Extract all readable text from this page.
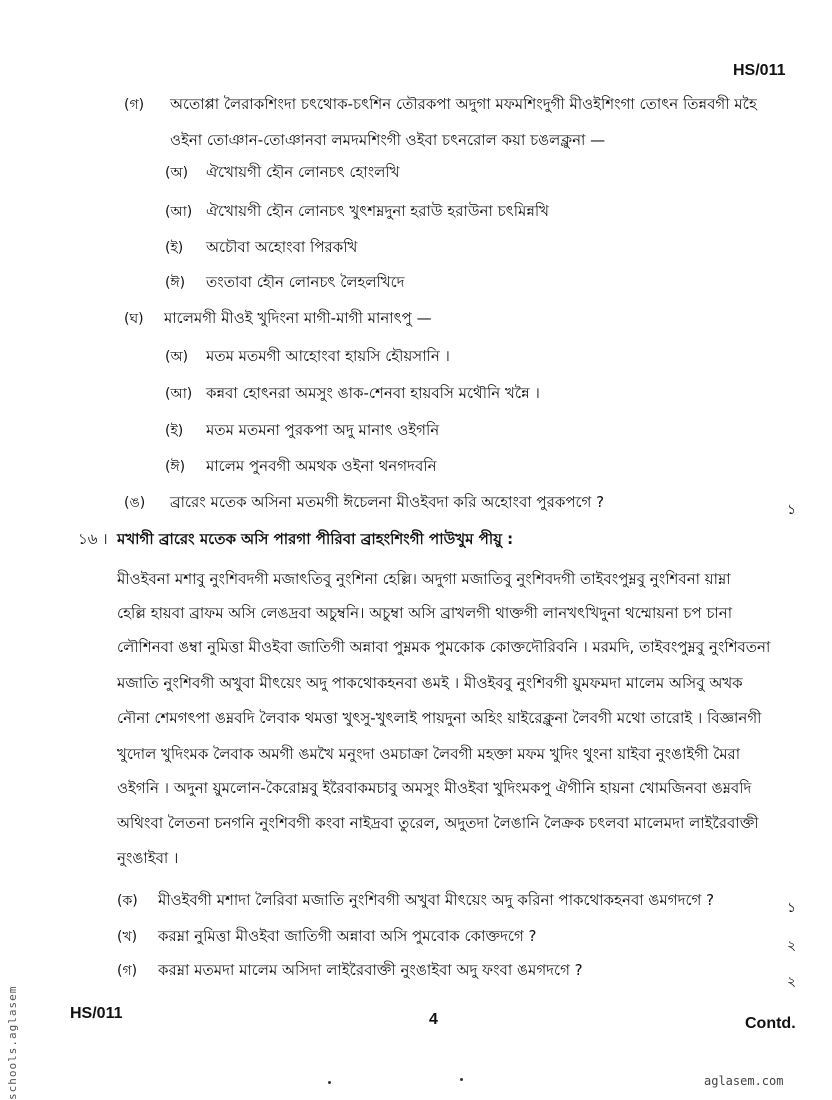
HS/011
(গ) অতোপ্পা লৈরাকশিংদা চৎথোক-চৎশিন তৌরকপা অদুগা মফমশিংদুগী মীওইশিংগা তোৎন তিন্নবগী মহৈ
ওইনা তোঞান-তোঞানবা লমদমশিংগী ওইবা চৎনরোল কয়া চঙলক্লুনা —
(অ) ঐখোয়গী হৌন লোনচৎ হোংলখি
(আ) ঐখোয়গী হৌন লোনচৎ খুৎশম্নদুনা হরাউ হরাউনা চৎমিন্নখি
(ই) অচৌবা অহোংবা পিরকখি
(ঈ) তংতাবা হৌন লোনচৎ লৈহলখিদে
(ঘ) মালেমগী মীওই খুদিংনা মাগী-মাগী মানাৎপু —
(অ) মতম মতমগী আহোংবা হায়সি হৌয়সানি ।
(আ) কন্নবা হোৎনরা অমসুং ঙাক-শেনবা হায়বসি মথৌনি খন্নৈ ।
(ই) মতম মতমনা পুরকপা অদু মানাৎ ওইগনি
(ঈ) মালেম পুনবগী অমথক ওইনা থনগদবনি
(ঙ) ব্রারেং মতেক অসিনা মতমগী ঈচেলনা মীওইবদা করি অহোংবা পুরকপগে ?	১
১৬ । মখাগী ব্রারেং মতেক অসি পারগা পীরিবা ব্রাহংশিংগী পাউখুম পীয়ু :
মীওইবনা মশাবু নুংশিবদগী মজাৎতিবু নুংশিনা হেল্লি। অদুগা মজাতিবু নুংশিবদগী তাইবংপুম্নবু নুংশিবনা য়াম্না
হেল্লি হায়বা ব্রাফম অসি লেঙদ্রবা অচুম্বনি। অচুম্বা অসি ব্রাখলগী থাক্তগী লানখৎখিদুনা থম্মোয়না চপ চানা
লৌশিনবা ঙম্বা নুমিত্তা মীওইবা জাতিগী অন্নাবা পুম্নমক পুমকোক কোক্তদৌরিবনি । মরমদি, তাইবংপুম্নবু নুংশিবতনা
মজাতি নুংশিবগী অখুবা মীৎয়েং অদু পাকথোকহনবা ঙমই । মীওইববু নুংশিবগী য়ুমফমদা মালেম অসিবু অখক
নৌনা শেমগৎপা ঙম্নবদি লৈবাক থমত্তা খুৎসু-খুৎলাই পায়দুনা অহিং য়াইরেক্লুনা লৈবগী মথো তারোই । বিজ্ঞানগী
খুদোল খুদিংমক লৈবাক অমগী ঙমখৈ মনুংদা ওমচাক্রা লৈবগী মহক্তা মফম খুদিং থুংনা য়াইবা নুংঙাইগী মৈরা
ওইগনি । অদুনা য়ুমলোন-কৈরোম্নবু ইরৈবাকমচাবু অমসুং মীওইবা খুদিংমকপু ঐগীনি হায়না খোমজিনবা ঙম্নবদি
অথিংবা লৈতনা চনগনি নুংশিবগী কংবা নাইদ্রবা তুরেল, অদুতদা লৈঙানি লৈক্রক চৎলবা মালেমদা লাইরৈবাক্তী
নুংঙাইবা ।
(ক) মীওইবগী মশাদা লৈরিবা মজাতি নুংশিবগী অখুবা মীৎয়েং অদু করিনা পাকথোকহনবা ঙমগদগে ?	১
(খ) করম্না নুমিত্তা মীওইবা জাতিগী অন্নাবা অসি পুমবোক কোক্তদগে ?
২
(গ) করম্না মতমদা মালেম অসিদা লাইরৈবাক্তী নুংঙাইবা অদু ফংবা ঙমগদগে ?
২
HS/011	4	Contd.
schools.aglasem	aglasem.com
